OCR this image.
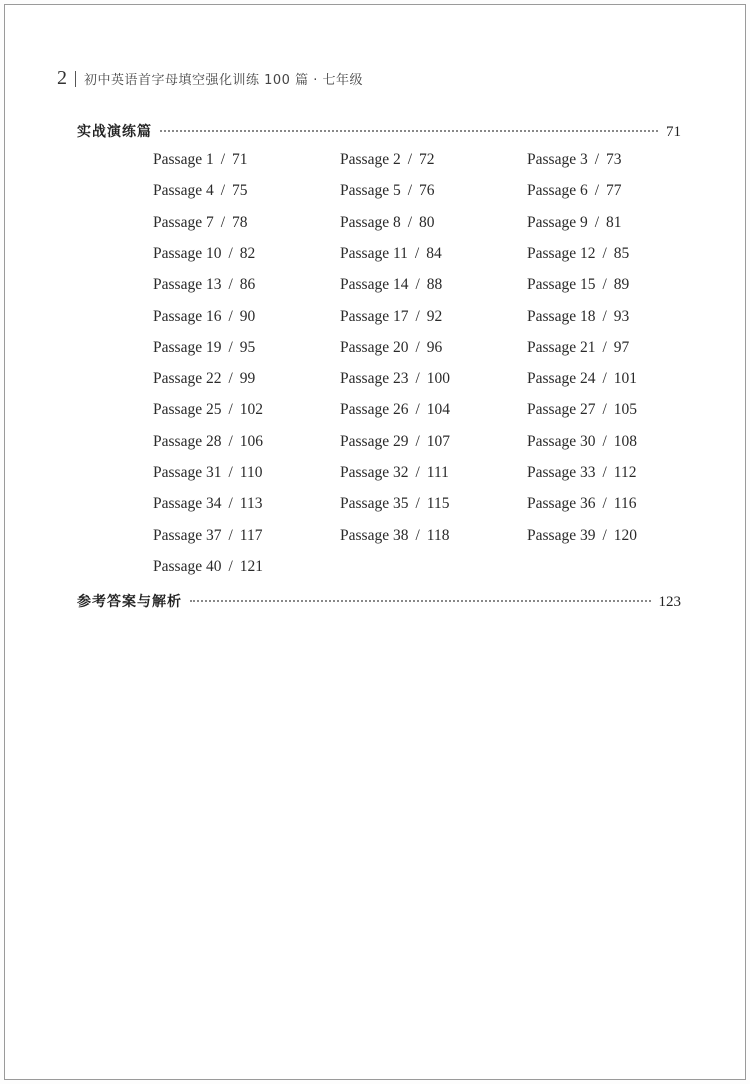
2 初中英语首字母填空强化训练 100 篇 · 七年级
实战演练篇	71
Passage 1 / 71	Passage 2 / 72	Passage 3 / 73
Passage 4 / 75	Passage 5 / 76	Passage 6 / 77
Passage 7 / 78	Passage 8 / 80	Passage 9 / 81
Passage 10 / 82	Passage 11 / 84	Passage 12 / 85
Passage 13 / 86	Passage 14 / 88	Passage 15 / 89
Passage 16 / 90	Passage 17 / 92	Passage 18 / 93
Passage 19 / 95	Passage 20 / 96	Passage 21 / 97
Passage 22 / 99	Passage 23 / 100	Passage 24 / 101
Passage 25 / 102	Passage 26 / 104	Passage 27 / 105
Passage 28 / 106	Passage 29 / 107	Passage 30 / 108
Passage 31 / 110	Passage 32 / 111	Passage 33 / 112
Passage 34 / 113	Passage 35 / 115	Passage 36 / 116
Passage 37 / 117	Passage 38 / 118	Passage 39 / 120
Passage 40 / 121
参考答案与解析	123
